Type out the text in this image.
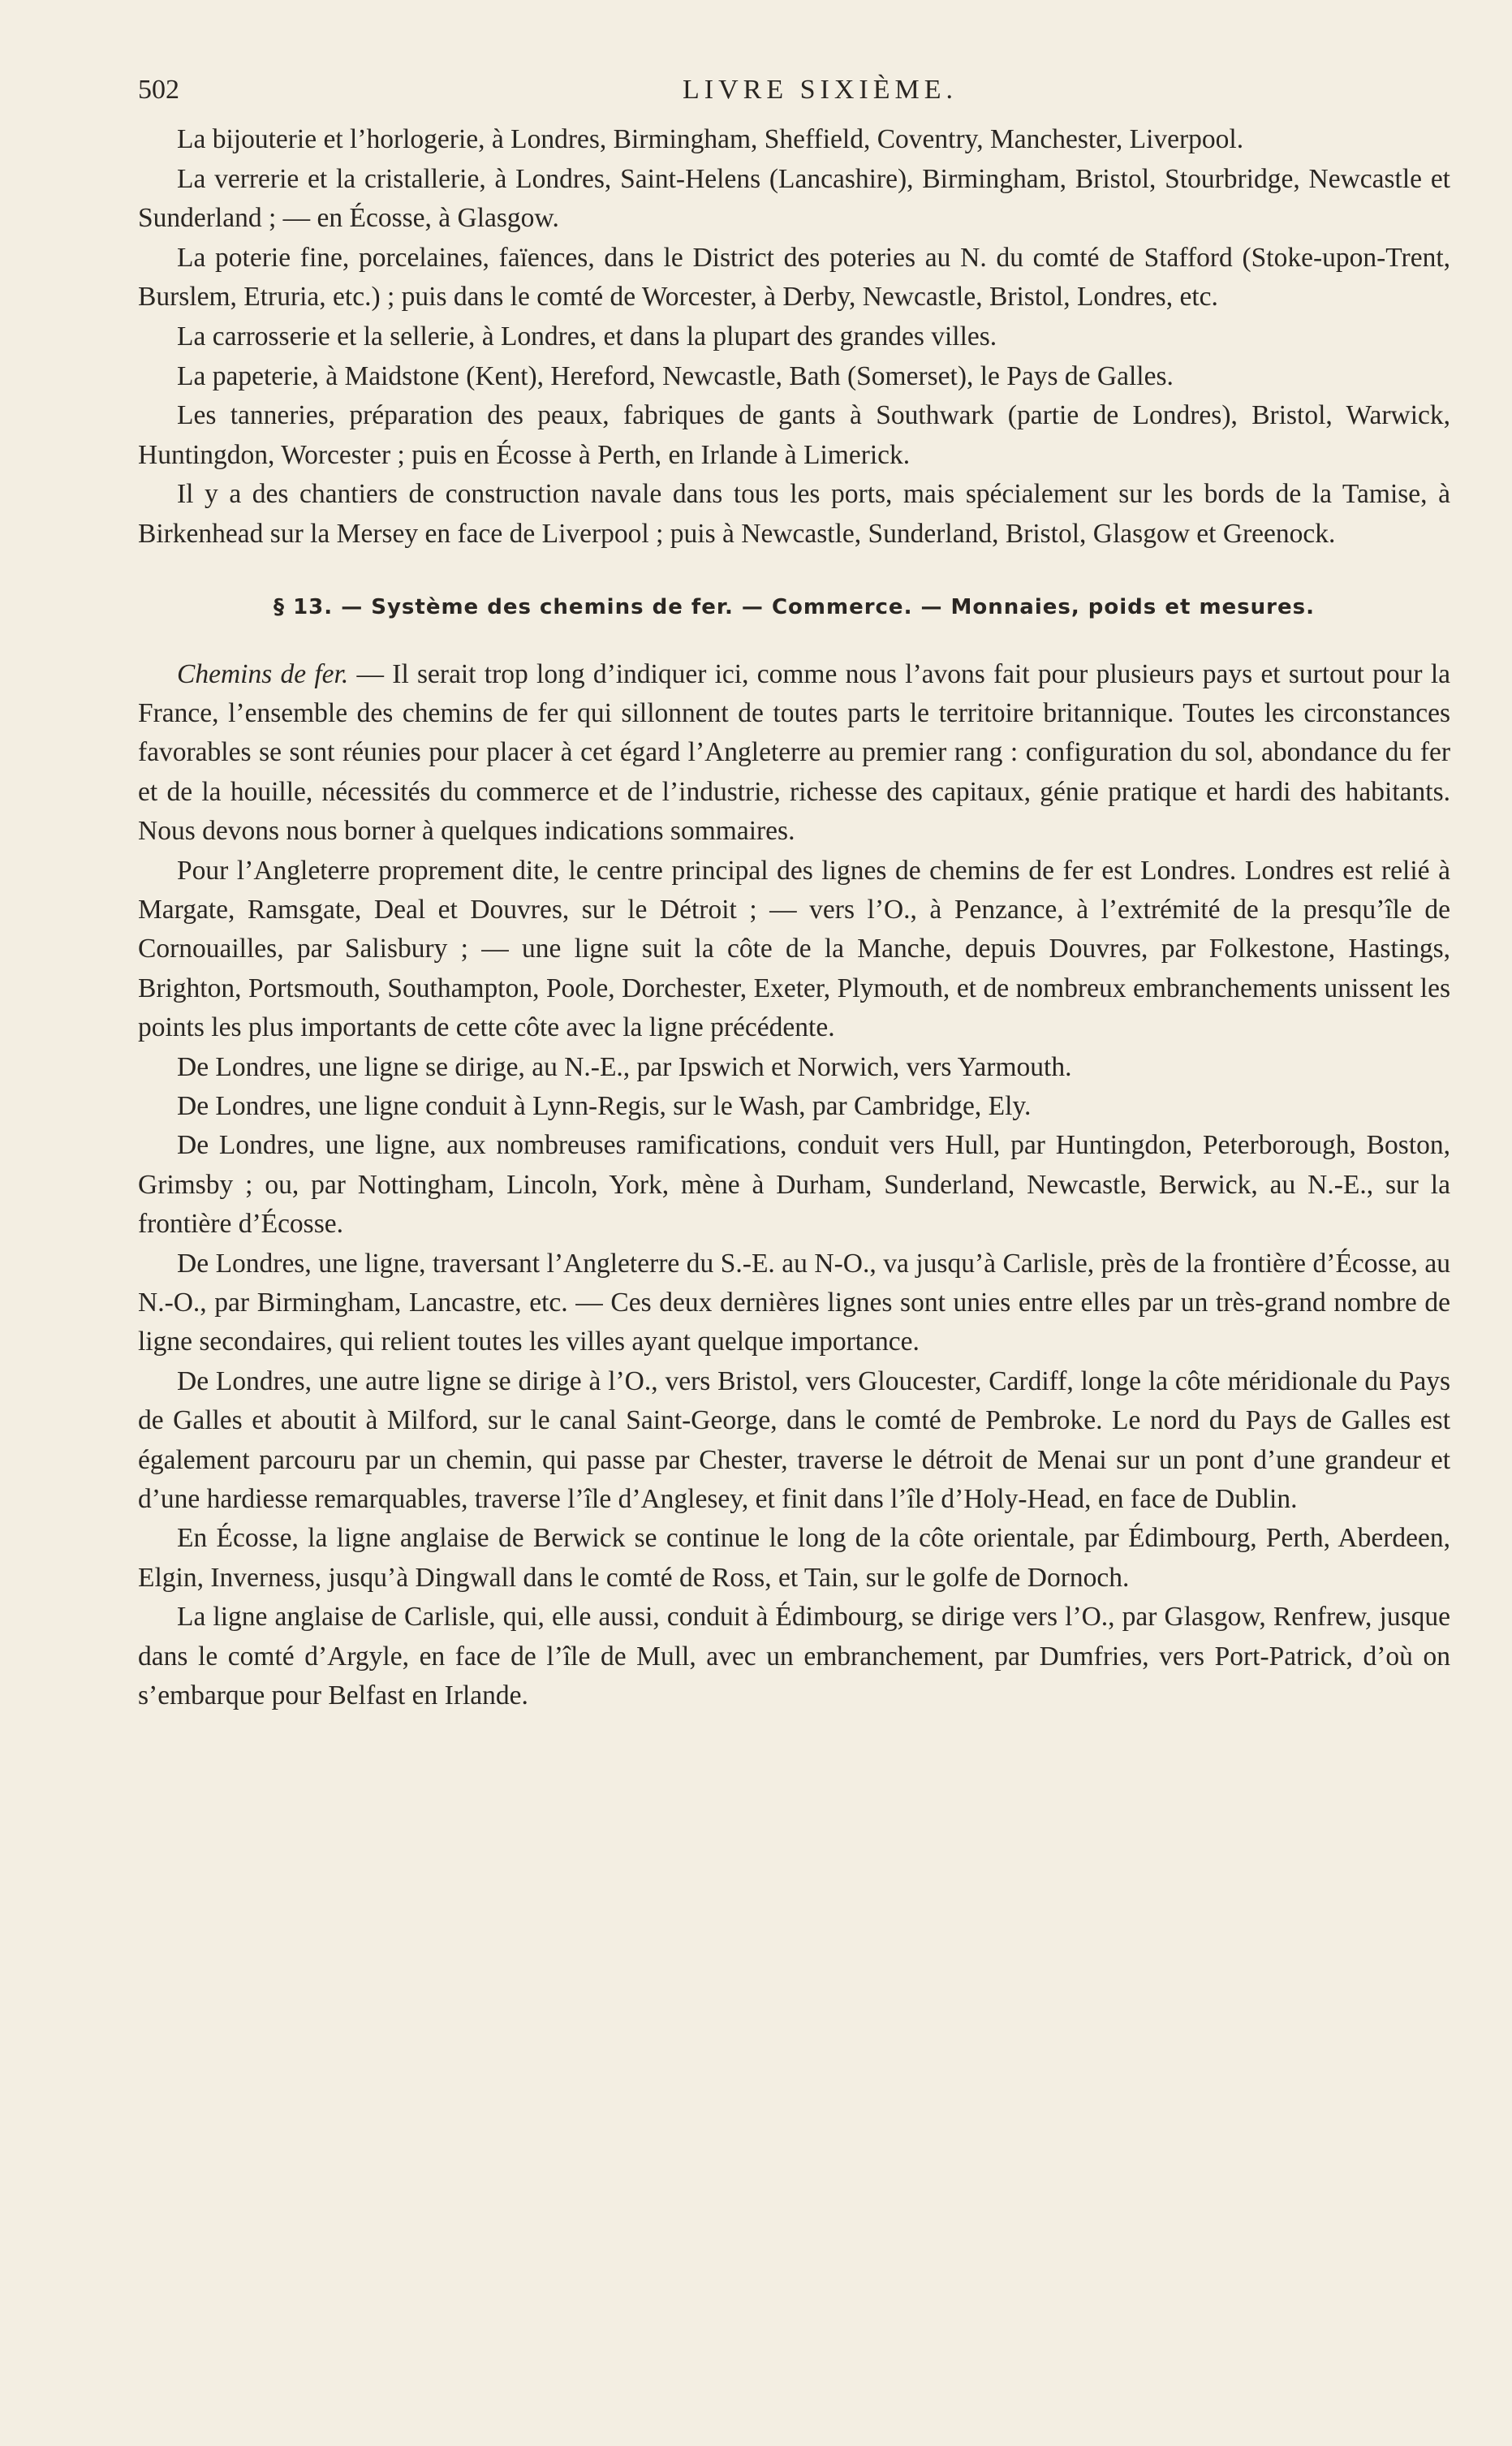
502	LIVRE SIXIÈME.

La bijouterie et l’horlogerie, à Londres, Birmingham, Sheffield, Coventry, Manchester, Liverpool.

La verrerie et la cristallerie, à Londres, Saint-Helens (Lancashire), Birmingham, Bristol, Stourbridge, Newcastle et Sunderland ; — en Écosse, à Glasgow.

La poterie fine, porcelaines, faïences, dans le District des poteries au N. du comté de Stafford (Stoke-upon-Trent, Burslem, Etruria, etc.) ; puis dans le comté de Worcester, à Derby, Newcastle, Bristol, Londres, etc.

La carrosserie et la sellerie, à Londres, et dans la plupart des grandes villes.

La papeterie, à Maidstone (Kent), Hereford, Newcastle, Bath (Somerset), le Pays de Galles.

Les tanneries, préparation des peaux, fabriques de gants à Southwark (partie de Londres), Bristol, Warwick, Huntingdon, Worcester ; puis en Écosse à Perth, en Irlande à Limerick.

Il y a des chantiers de construction navale dans tous les ports, mais spécialement sur les bords de la Tamise, à Birkenhead sur la Mersey en face de Liverpool ; puis à Newcastle, Sunderland, Bristol, Glasgow et Greenock.

§ 13. — Système des chemins de fer. — Commerce. — Monnaies, poids et mesures.

Chemins de fer. — Il serait trop long d’indiquer ici, comme nous l’avons fait pour plusieurs pays et surtout pour la France, l’ensemble des chemins de fer qui sillonnent de toutes parts le territoire britannique. Toutes les circonstances favorables se sont réunies pour placer à cet égard l’Angleterre au premier rang : configuration du sol, abondance du fer et de la houille, nécessités du commerce et de l’industrie, richesse des capitaux, génie pratique et hardi des habitants. Nous devons nous borner à quelques indications sommaires.

Pour l’Angleterre proprement dite, le centre principal des lignes de chemins de fer est Londres. Londres est relié à Margate, Ramsgate, Deal et Douvres, sur le Détroit ; — vers l’O., à Penzance, à l’extrémité de la presqu’île de Cornouailles, par Salisbury ; — une ligne suit la côte de la Manche, depuis Douvres, par Folkestone, Hastings, Brighton, Portsmouth, Southampton, Poole, Dorchester, Exeter, Plymouth, et de nombreux embranchements unissent les points les plus importants de cette côte avec la ligne précédente.

De Londres, une ligne se dirige, au N.-E., par Ipswich et Norwich, vers Yarmouth.

De Londres, une ligne conduit à Lynn-Regis, sur le Wash, par Cambridge, Ely.

De Londres, une ligne, aux nombreuses ramifications, conduit vers Hull, par Huntingdon, Peterborough, Boston, Grimsby ; ou, par Nottingham, Lincoln, York, mène à Durham, Sunderland, Newcastle, Berwick, au N.-E., sur la frontière d’Écosse.

De Londres, une ligne, traversant l’Angleterre du S.-E. au N-O., va jusqu’à Carlisle, près de la frontière d’Écosse, au N.-O., par Birmingham, Lancastre, etc. — Ces deux dernières lignes sont unies entre elles par un très-grand nombre de ligne secondaires, qui relient toutes les villes ayant quelque importance.

De Londres, une autre ligne se dirige à l’O., vers Bristol, vers Gloucester, Cardiff, longe la côte méridionale du Pays de Galles et aboutit à Milford, sur le canal Saint-George, dans le comté de Pembroke. Le nord du Pays de Galles est également parcouru par un chemin, qui passe par Chester, traverse le détroit de Menai sur un pont d’une grandeur et d’une hardiesse remarquables, traverse l’île d’Anglesey, et finit dans l’île d’Holy-Head, en face de Dublin.

En Écosse, la ligne anglaise de Berwick se continue le long de la côte orientale, par Édimbourg, Perth, Aberdeen, Elgin, Inverness, jusqu’à Dingwall dans le comté de Ross, et Tain, sur le golfe de Dornoch.

La ligne anglaise de Carlisle, qui, elle aussi, conduit à Édimbourg, se dirige vers l’O., par Glasgow, Renfrew, jusque dans le comté d’Argyle, en face de l’île de Mull, avec un embranchement, par Dumfries, vers Port-Patrick, d’où on s’embarque pour Belfast en Irlande.
